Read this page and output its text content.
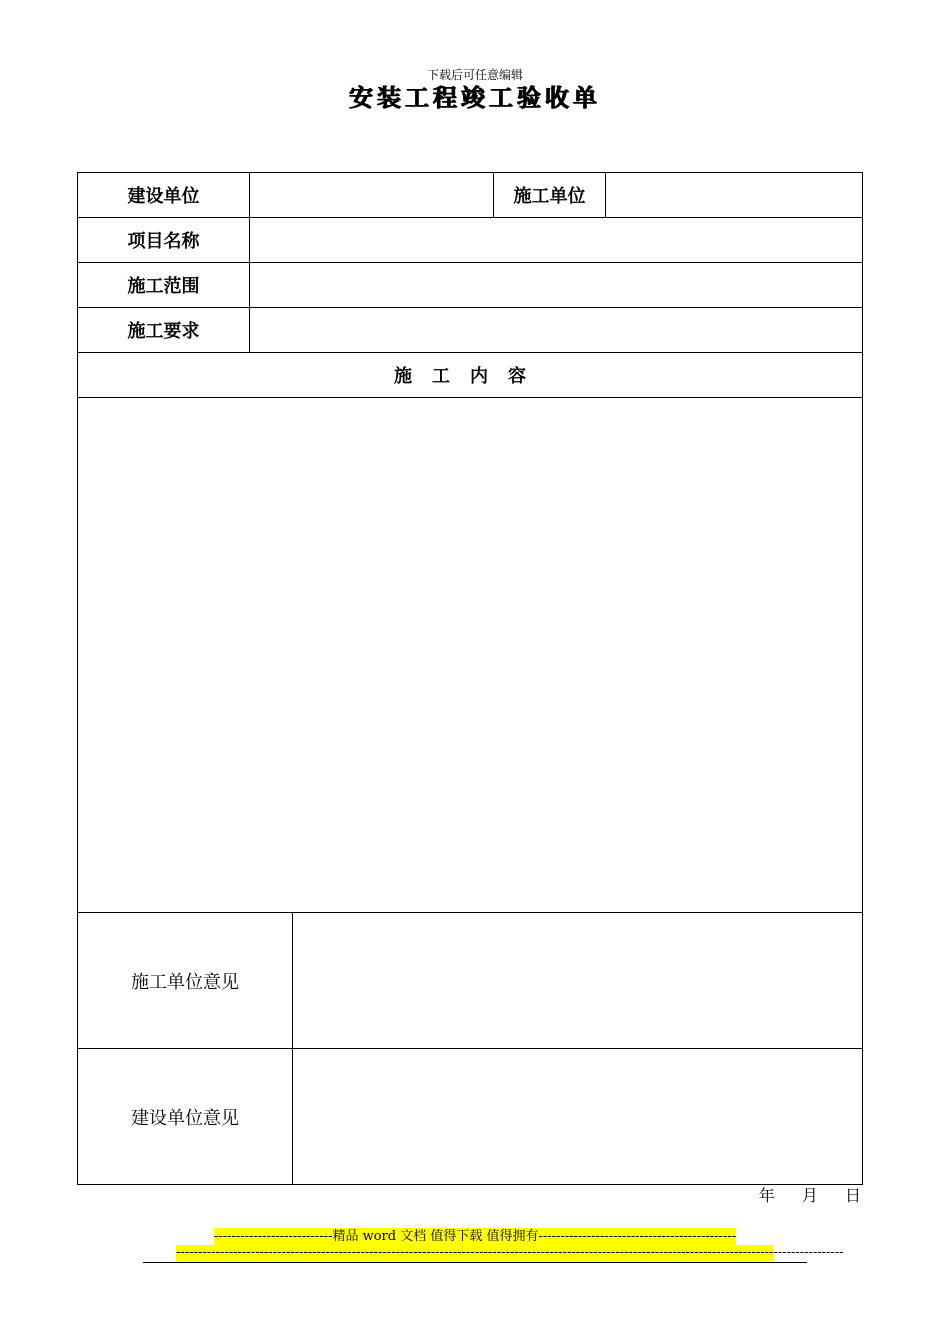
下载后可任意编辑
安装工程竣工验收单
建设单位		施工单位	
项目名称			
施工范围			
施工要求			
施工内容			

施工单位意见	
建设单位意见	
年 月 日
---------------------------精品 word 文档 值得下载 值得拥有---------------------------------------------
--------------------------------------------------------------------------------------------------------------------------------------------------------
